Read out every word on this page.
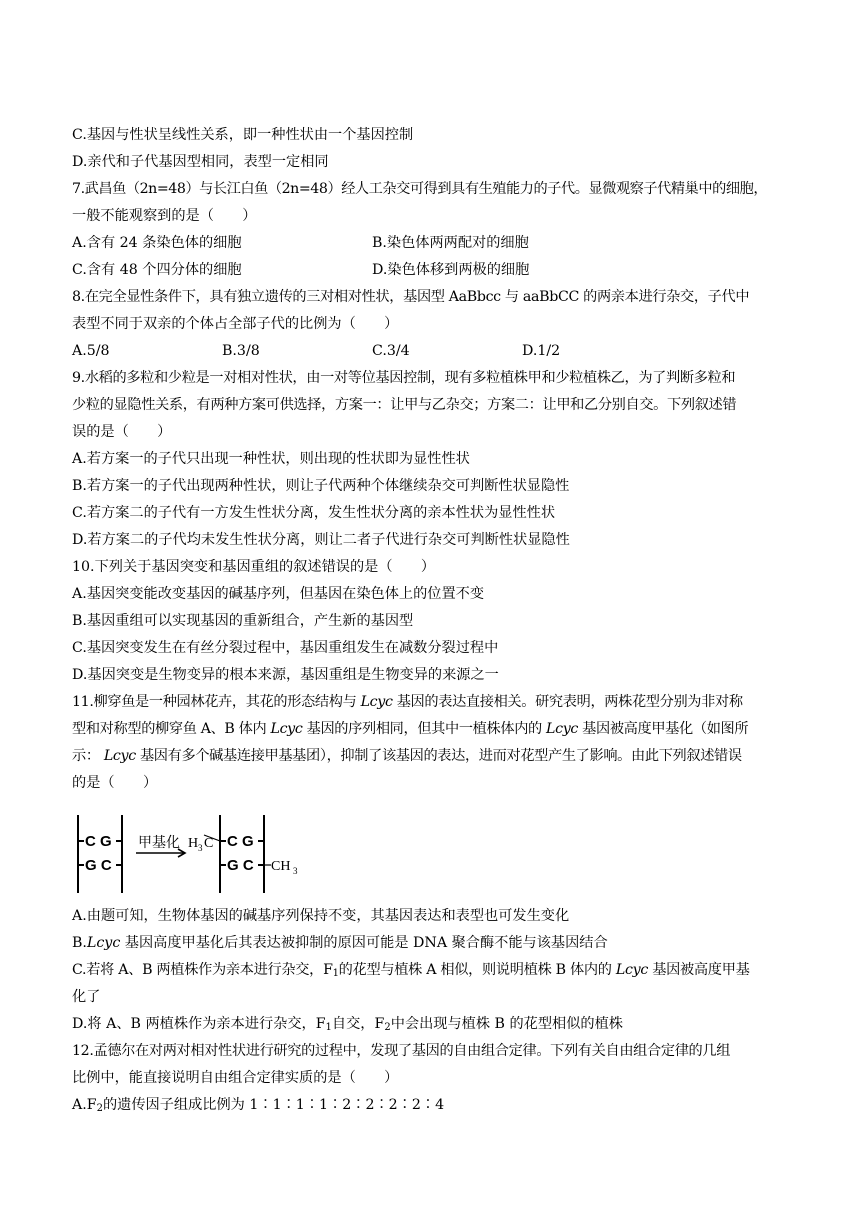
C.基因与性状呈线性关系，即一种性状由一个基因控制
D.亲代和子代基因型相同，表型一定相同
7.武昌鱼（2n=48）与长江白鱼（2n=48）经人工杂交可得到具有生殖能力的子代。显微观察子代精巢中的细胞，
一般不能观察到的是（　　）
A.含有 24 条染色体的细胞	B.染色体两两配对的细胞
C.含有 48 个四分体的细胞	D.染色体移到两极的细胞
8.在完全显性条件下，具有独立遗传的三对相对性状，基因型 AaBbcc 与 aaBbCC 的两亲本进行杂交，子代中
表型不同于双亲的个体占全部子代的比例为（　　）
A.5/8	B.3/8	C.3/4	D.1/2
9.水稻的多粒和少粒是一对相对性状，由一对等位基因控制，现有多粒植株甲和少粒植株乙，为了判断多粒和
少粒的显隐性关系，有两种方案可供选择，方案一：让甲与乙杂交；方案二：让甲和乙分别自交。下列叙述错
误的是（　　）
A.若方案一的子代只出现一种性状，则出现的性状即为显性性状
B.若方案一的子代出现两种性状，则让子代两种个体继续杂交可判断性状显隐性
C.若方案二的子代有一方发生性状分离，发生性状分离的亲本性状为显性性状
D.若方案二的子代均未发生性状分离，则让二者子代进行杂交可判断性状显隐性
10.下列关于基因突变和基因重组的叙述错误的是（　　）
A.基因突变能改变基因的碱基序列，但基因在染色体上的位置不变
B.基因重组可以实现基因的重新组合，产生新的基因型
C.基因突变发生在有丝分裂过程中，基因重组发生在减数分裂过程中
D.基因突变是生物变异的根本来源，基因重组是生物变异的来源之一
11.柳穿鱼是一种园林花卉，其花的形态结构与 Lcyc 基因的表达直接相关。研究表明，两株花型分别为非对称
型和对称型的柳穿鱼 A、B 体内 Lcyc 基因的序列相同，但其中一植株体内的 Lcyc 基因被高度甲基化（如图所
示： Lcyc 基因有多个碱基连接甲基基团），抑制了该基因的表达，进而对花型产生了影响。由此下列叙述错误
的是（　　）
C G
G C
C G
G C
甲基化 H 3 C
CH 3
A.由题可知，生物体基因的碱基序列保持不变，其基因表达和表型也可发生变化
B.Lcyc 基因高度甲基化后其表达被抑制的原因可能是 DNA 聚合酶不能与该基因结合
C.若将 A、B 两植株作为亲本进行杂交，$F_1$的花型与植株 A 相似，则说明植株 B 体内的 Lcyc 基因被高度甲基
化了
D.将 A、B 两植株作为亲本进行杂交，$F_1$自交，$F_2$中会出现与植株 B 的花型相似的植株
12.孟德尔在对两对相对性状进行研究的过程中，发现了基因的自由组合定律。下列有关自由组合定律的几组
比例中，能直接说明自由组合定律实质的是（　　）
$A.F_2$的遗传因子组成比例为 1∶1∶1∶1∶2∶2∶2∶2∶4
